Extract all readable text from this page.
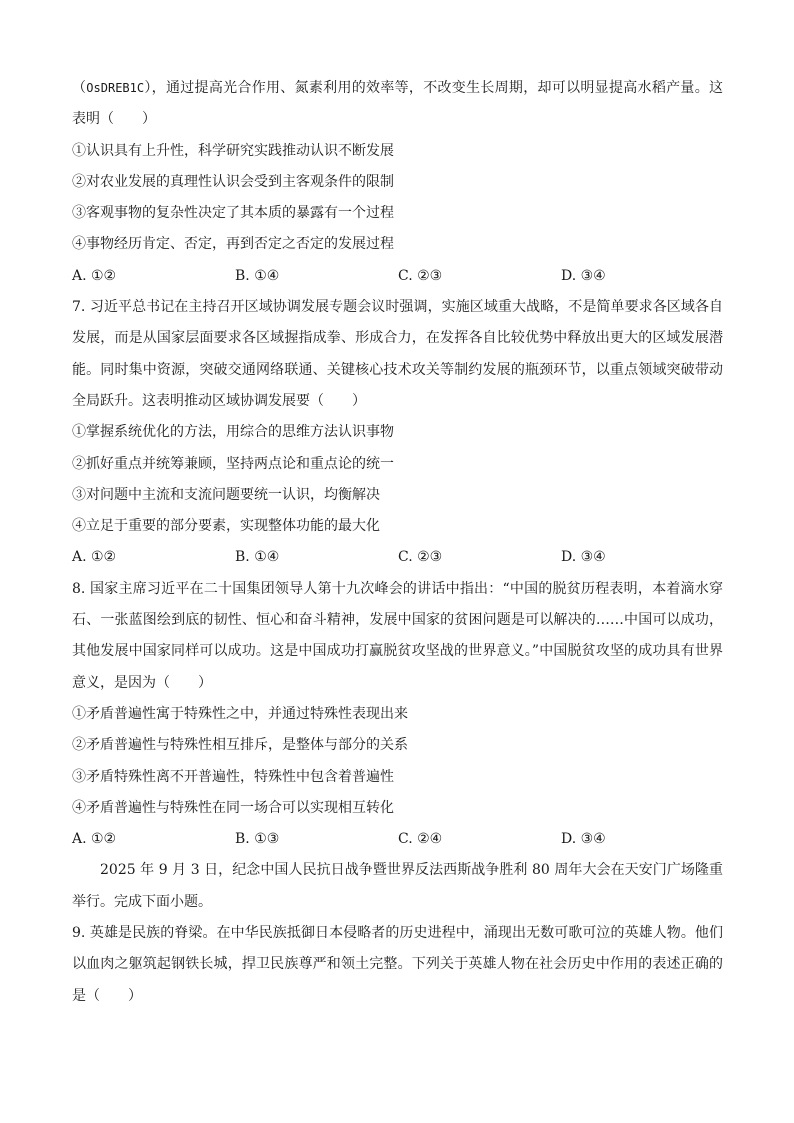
（OsDREB1C），通过提高光合作用、氮素利用的效率等，不改变生长周期，却可以明显提高水稻产量。这表明（　　）

①认识具有上升性，科学研究实践推动认识不断发展

②对农业发展的真理性认识会受到主客观条件的限制

③客观事物的复杂性决定了其本质的暴露有一个过程

④事物经历肯定、否定，再到否定之否定的发展过程

A. ①②	B. ①④	C. ②③	D. ③④

7. 习近平总书记在主持召开区域协调发展专题会议时强调，实施区域重大战略，不是简单要求各区域各自发展，而是从国家层面要求各区域握指成拳、形成合力，在发挥各自比较优势中释放出更大的区域发展潜能。同时集中资源，突破交通网络联通、关键核心技术攻关等制约发展的瓶颈环节，以重点领域突破带动全局跃升。这表明推动区域协调发展要（　　）

①掌握系统优化的方法，用综合的思维方法认识事物

②抓好重点并统筹兼顾，坚持两点论和重点论的统一

③对问题中主流和支流问题要统一认识，均衡解决

④立足于重要的部分要素，实现整体功能的最大化

A. ①②	B. ①④	C. ②③	D. ③④

8. 国家主席习近平在二十国集团领导人第十九次峰会的讲话中指出：“中国的脱贫历程表明，本着滴水穿石、一张蓝图绘到底的韧性、恒心和奋斗精神，发展中国家的贫困问题是可以解决的……中国可以成功，其他发展中国家同样可以成功。这是中国成功打赢脱贫攻坚战的世界意义。”中国脱贫攻坚的成功具有世界意义，是因为（　　）

①矛盾普遍性寓于特殊性之中，并通过特殊性表现出来

②矛盾普遍性与特殊性相互排斥，是整体与部分的关系

③矛盾特殊性离不开普遍性，特殊性中包含着普遍性

④矛盾普遍性与特殊性在同一场合可以实现相互转化

A. ①②	B. ①③	C. ②④	D. ③④

2025 年 9 月 3 日，纪念中国人民抗日战争暨世界反法西斯战争胜利 80 周年大会在天安门广场隆重举行。完成下面小题。

9. 英雄是民族的脊梁。在中华民族抵御日本侵略者的历史进程中，涌现出无数可歌可泣的英雄人物。他们以血肉之躯筑起钢铁长城，捍卫民族尊严和领土完整。下列关于英雄人物在社会历史中作用的表述正确的是（　　）
